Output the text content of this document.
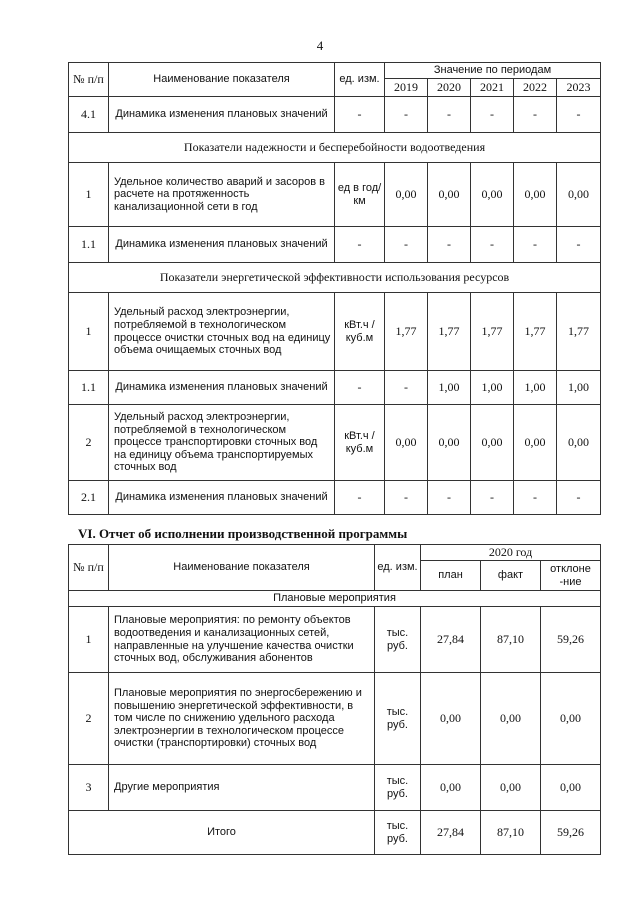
4
№ п/п	Наименование показателя	ед. изм.	Значение по периодам				
			2019	2020	2021	2022	2023
4.1	Динамика изменения плановых значений	-	-	-	-	-	-
Показатели надежности и бесперебойности водоотведения							
1	Удельное количество аварий и засоров в расчете на протяженность канализационной сети в год	ед в год/ км	0,00	0,00	0,00	0,00	0,00
1.1	Динамика изменения плановых значений	-	-	-	-	-	-
Показатели энергетической эффективности использования ресурсов							
1	Удельный расход электроэнергии, потребляемой в технологическом процессе очистки сточных вод на единицу объема очищаемых сточных вод	кВт.ч / куб.м	1,77	1,77	1,77	1,77	1,77
1.1	Динамика изменения плановых значений	-	-	1,00	1,00	1,00	1,00
2	Удельный расход электроэнергии, потребляемой в технологическом процессе транспортировки сточных вод на единицу объема транспортируемых сточных вод	кВт.ч / куб.м	0,00	0,00	0,00	0,00	0,00
2.1	Динамика изменения плановых значений	-	-	-	-	-	-
VI. Отчет об исполнении производственной программы
№ п/п	Наименование показателя	ед. изм.	2020 год		
			план	факт	отклоне -ние
Плановые мероприятия					
1	Плановые мероприятия: по ремонту объектов водоотведения и канализационных сетей, направленные на улучшение качества очистки сточных вод, обслуживания абонентов	тыс. руб.	27,84	87,10	59,26
2	Плановые мероприятия по энергосбережению и повышению энергетической эффективности, в том числе по снижению удельного расхода электроэнергии в технологическом процессе очистки (транспортировки) сточных вод	тыс. руб.	0,00	0,00	0,00
3	Другие мероприятия	тыс. руб.	0,00	0,00	0,00
Итого		тыс. руб.	27,84	87,10	59,26
